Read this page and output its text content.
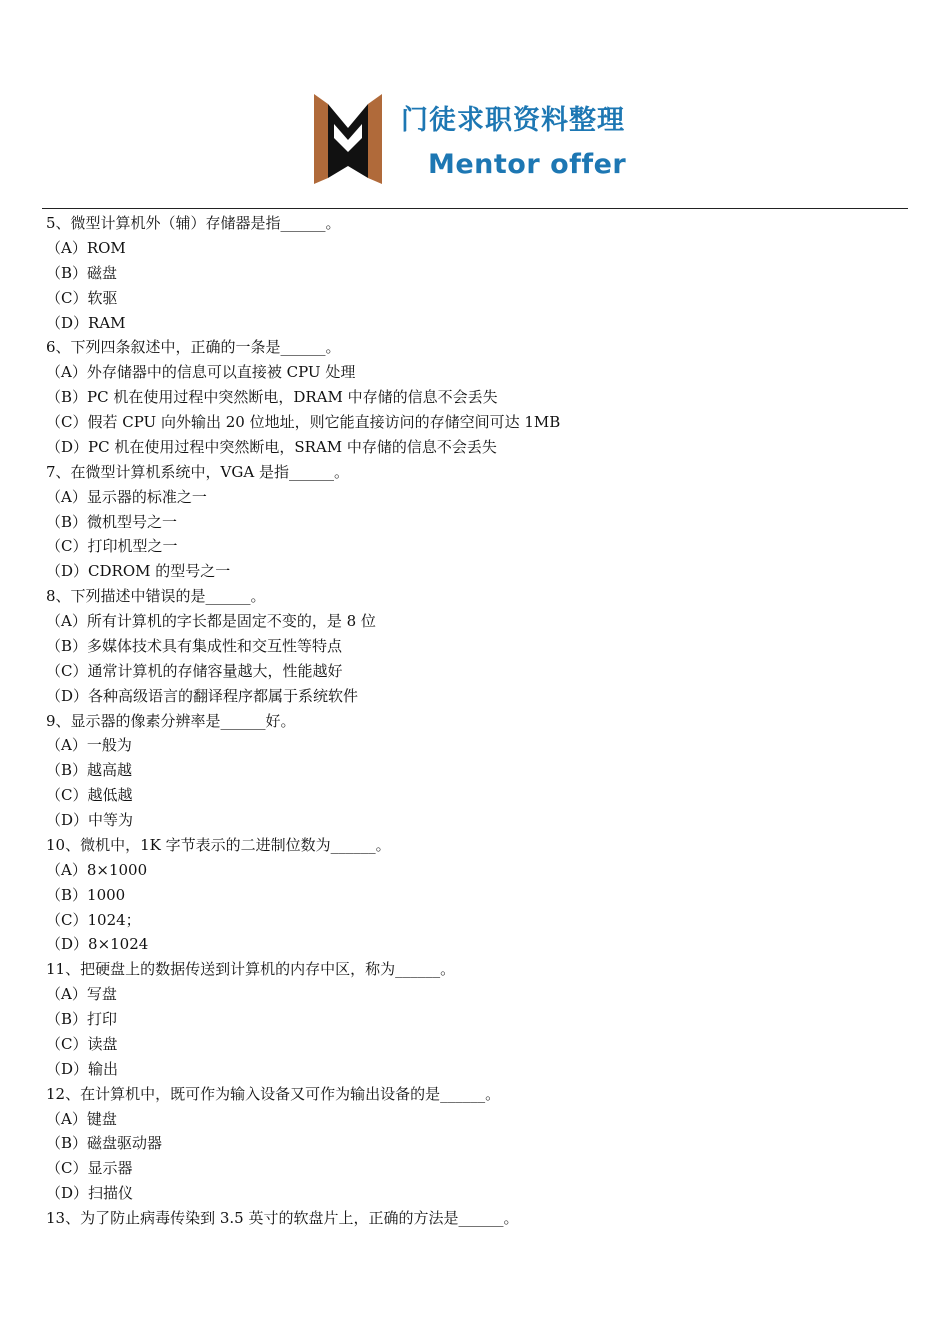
门徒求职资料整理
Mentor offer
5、微型计算机外（辅）存储器是指______。
（A）ROM
（B）磁盘
（C）软驱
（D）RAM
6、下列四条叙述中，正确的一条是______。
（A）外存储器中的信息可以直接被 CPU 处理
（B）PC 机在使用过程中突然断电，DRAM 中存储的信息不会丢失
（C）假若 CPU 向外输出 20 位地址，则它能直接访问的存储空间可达 1MB
（D）PC 机在使用过程中突然断电，SRAM 中存储的信息不会丢失
7、在微型计算机系统中，VGA 是指______。
（A）显示器的标准之一
（B）微机型号之一
（C）打印机型之一
（D）CDROM 的型号之一
8、下列描述中错误的是______。
（A）所有计算机的字长都是固定不变的，是 8 位
（B）多媒体技术具有集成性和交互性等特点
（C）通常计算机的存储容量越大，性能越好
（D）各种高级语言的翻译程序都属于系统软件
9、显示器的像素分辨率是______好。
（A）一般为
（B）越高越
（C）越低越
（D）中等为
10、微机中，1K 字节表示的二进制位数为______。
（A）8×1000
（B）1000
（C）1024；
（D）8×1024
11、把硬盘上的数据传送到计算机的内存中区，称为______。
（A）写盘
（B）打印
（C）读盘
（D）输出
12、在计算机中，既可作为输入设备又可作为输出设备的是______。
（A）键盘
（B）磁盘驱动器
（C）显示器
（D）扫描仪
13、为了防止病毒传染到 3.5 英寸的软盘片上，正确的方法是______。
